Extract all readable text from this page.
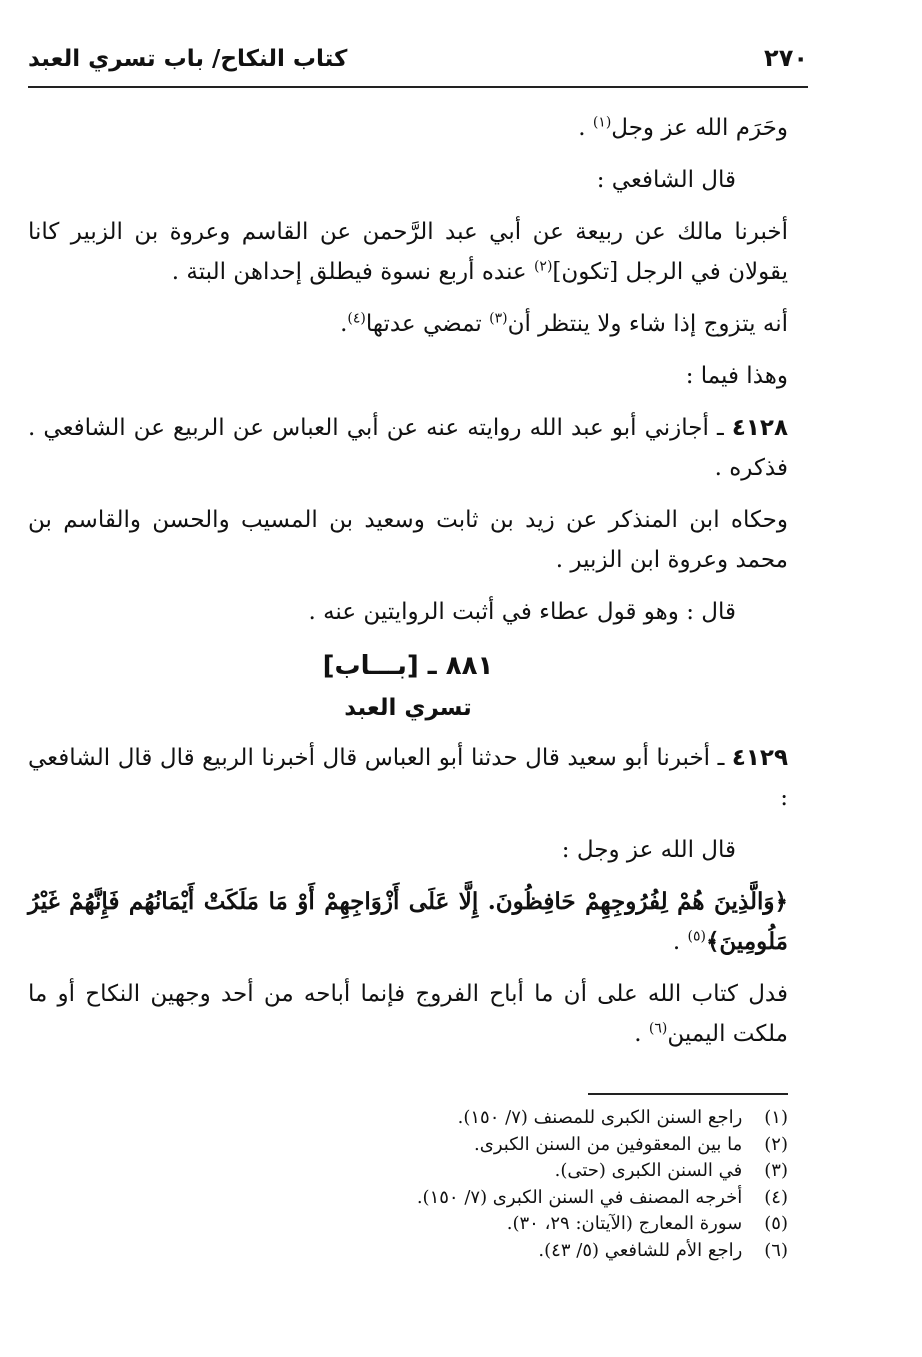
كتاب النكاح/ باب تسري العبد	٢٧٠

وحَرَم الله عز وجل$^{(١)}$ .

قال الشافعي :

أخبرنا مالك عن ربيعة عن أبي عبد الرَّحمن عن القاسم وعروة بن الزبير كانا يقولان في الرجل [تكون]$^{(٢)}$ عنده أربع نسوة فيطلق إحداهن البتة .

أنه يتزوج إذا شاء ولا ينتظر أن$^{(٣)}$ تمضي عدتها$^{(٤)}$.

وهذا فيما :

٤١٢٨ ـ أجازني أبو عبد الله روايته عنه عن أبي العباس عن الربيع عن الشافعي . فذكره .

وحكاه ابن المنذكر عن زيد بن ثابت وسعيد بن المسيب والحسن والقاسم بن محمد وعروة ابن الزبير .

قال : وهو قول عطاء في أثبت الروايتين عنه .

٨٨١ ـ [بـــاب]
تسري العبد

٤١٢٩ ـ أخبرنا أبو سعيد قال حدثنا أبو العباس قال أخبرنا الربيع قال قال الشافعي :

قال الله عز وجل :

﴿وَالَّذِينَ هُمْ لِفُرُوجِهِمْ حَافِظُونَ. إِلَّا عَلَى أَزْوَاجِهِمْ أَوْ مَا مَلَكَتْ أَيْمَانُهُم فَإِنَّهُمْ غَيْرُ مَلُومِينَ﴾$^{(٥)}$ .

فدل كتاب الله على أن ما أباح الفروج فإنما أباحه من أحد وجهين النكاح أو ما ملكت اليمين$^{(٦)}$ .

(١) راجع السنن الكبرى للمصنف (٧/ ١٥٠).
(٢) ما بين المعقوفين من السنن الكبرى.
(٣) في السنن الكبرى (حتى).
(٤) أخرجه المصنف في السنن الكبرى (٧/ ١٥٠).
(٥) سورة المعارج (الآيتان: ٢٩، ٣٠).
(٦) راجع الأم للشافعي (٥/ ٤٣).
